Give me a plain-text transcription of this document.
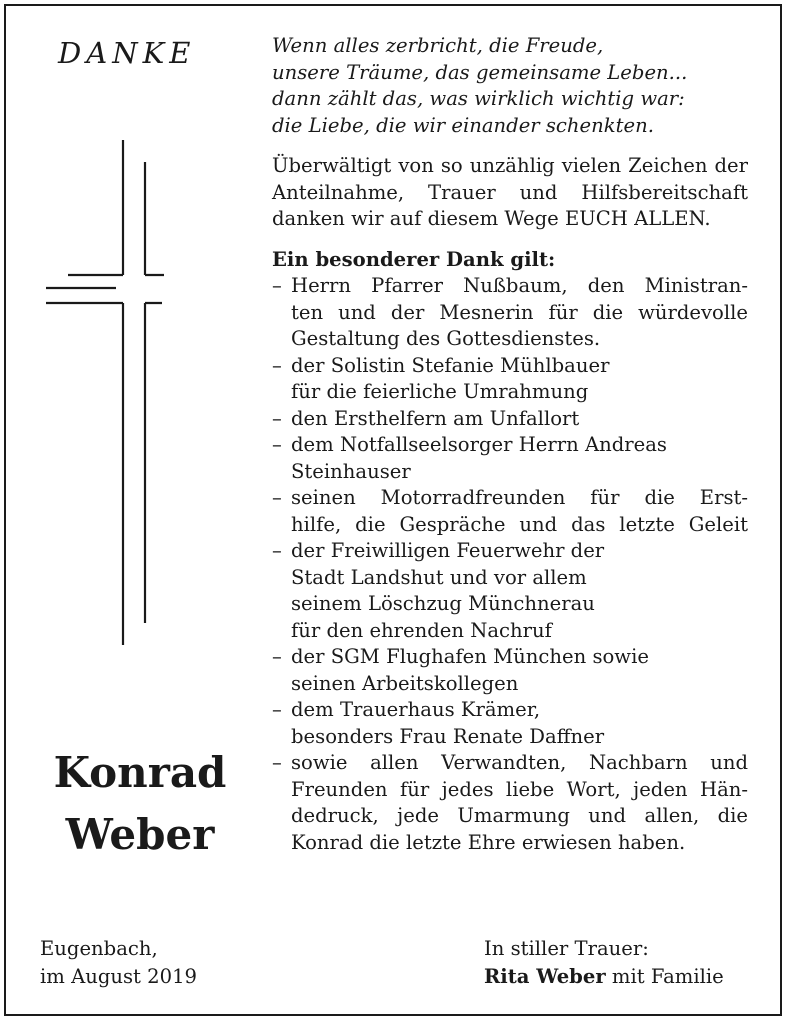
DANKE
Konrad
Weber
Wenn alles zerbricht, die Freude,
unsere Träume, das gemeinsame Leben...
dann zählt das, was wirklich wichtig war:
die Liebe, die wir einander schenkten.
Überwältigt von so unzählig vielen Zeichen der Anteilnahme, Trauer und Hilfsbereitschaft danken wir auf diesem Wege EUCH ALLEN.
Ein besonderer Dank gilt:
– Herrn Pfarrer Nußbaum, den Ministran-
ten und der Mesnerin für die würdevolle
Gestaltung des Gottesdienstes.
– der Solistin Stefanie Mühlbauer
für die feierliche Umrahmung
– den Ersthelfern am Unfallort
– dem Notfallseelsorger Herrn Andreas
Steinhauser
– seinen Motorradfreunden für die Erst-
hilfe, die Gespräche und das letzte Geleit
– der Freiwilligen Feuerwehr der
Stadt Landshut und vor allem
seinem Löschzug Münchnerau
für den ehrenden Nachruf
– der SGM Flughafen München sowie
seinen Arbeitskollegen
– dem Trauerhaus Krämer,
besonders Frau Renate Daffner
– sowie allen Verwandten, Nachbarn und
Freunden für jedes liebe Wort, jeden Hän-
dedruck, jede Umarmung und allen, die
Konrad die letzte Ehre erwiesen haben.
Eugenbach,
im August 2019
In stiller Trauer:
Rita Weber mit Familie
